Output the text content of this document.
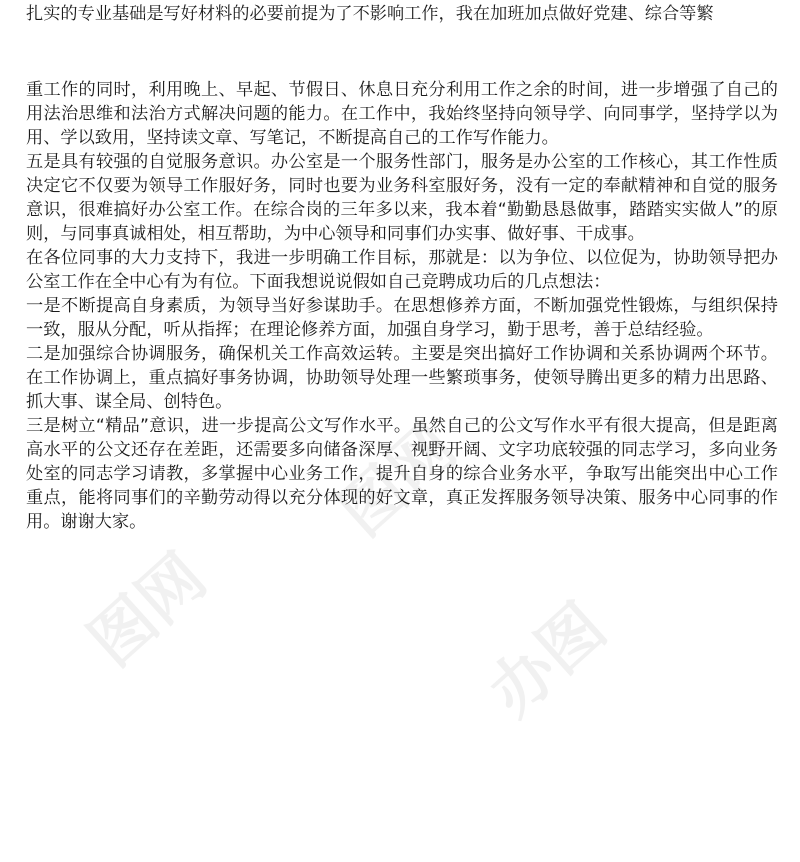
扎实的专业基础是写好材料的必要前提为了不影响工作，我在加班加点做好党建、综合等繁

重工作的同时，利用晚上、早起、节假日、休息日充分利用工作之余的时间，进一步增强了自己的用法治思维和法治方式解决问题的能力。在工作中，我始终坚持向领导学、向同事学，坚持学以为用、学以致用，坚持读文章、写笔记，不断提高自己的工作写作能力。

五是具有较强的自觉服务意识。办公室是一个服务性部门，服务是办公室的工作核心，其工作性质决定它不仅要为领导工作服好务，同时也要为业务科室服好务，没有一定的奉献精神和自觉的服务意识，很难搞好办公室工作。在综合岗的三年多以来，我本着“勤勤恳恳做事，踏踏实实做人”的原则，与同事真诚相处，相互帮助，为中心领导和同事们办实事、做好事、干成事。

在各位同事的大力支持下，我进一步明确工作目标，那就是：以为争位、以位促为，协助领导把办公室工作在全中心有为有位。下面我想说说假如自己竞聘成功后的几点想法：

一是不断提高自身素质，为领导当好参谋助手。在思想修养方面，不断加强党性锻炼，与组织保持一致，服从分配，听从指挥；在理论修养方面，加强自身学习，勤于思考，善于总结经验。

二是加强综合协调服务，确保机关工作高效运转。主要是突出搞好工作协调和关系协调两个环节。在工作协调上，重点搞好事务协调，协助领导处理一些繁琐事务，使领导腾出更多的精力出思路、抓大事、谋全局、创特色。

三是树立“精品”意识，进一步提高公文写作水平。虽然自己的公文写作水平有很大提高，但是距离高水平的公文还存在差距，还需要多向储备深厚、视野开阔、文字功底较强的同志学习，多向业务处室的同志学习请教，多掌握中心业务工作，提升自身的综合业务水平，争取写出能突出中心工作重点，能将同事们的辛勤劳动得以充分体现的好文章，真正发挥服务领导决策、服务中心同事的作用。谢谢大家。

图网
图网
办图
